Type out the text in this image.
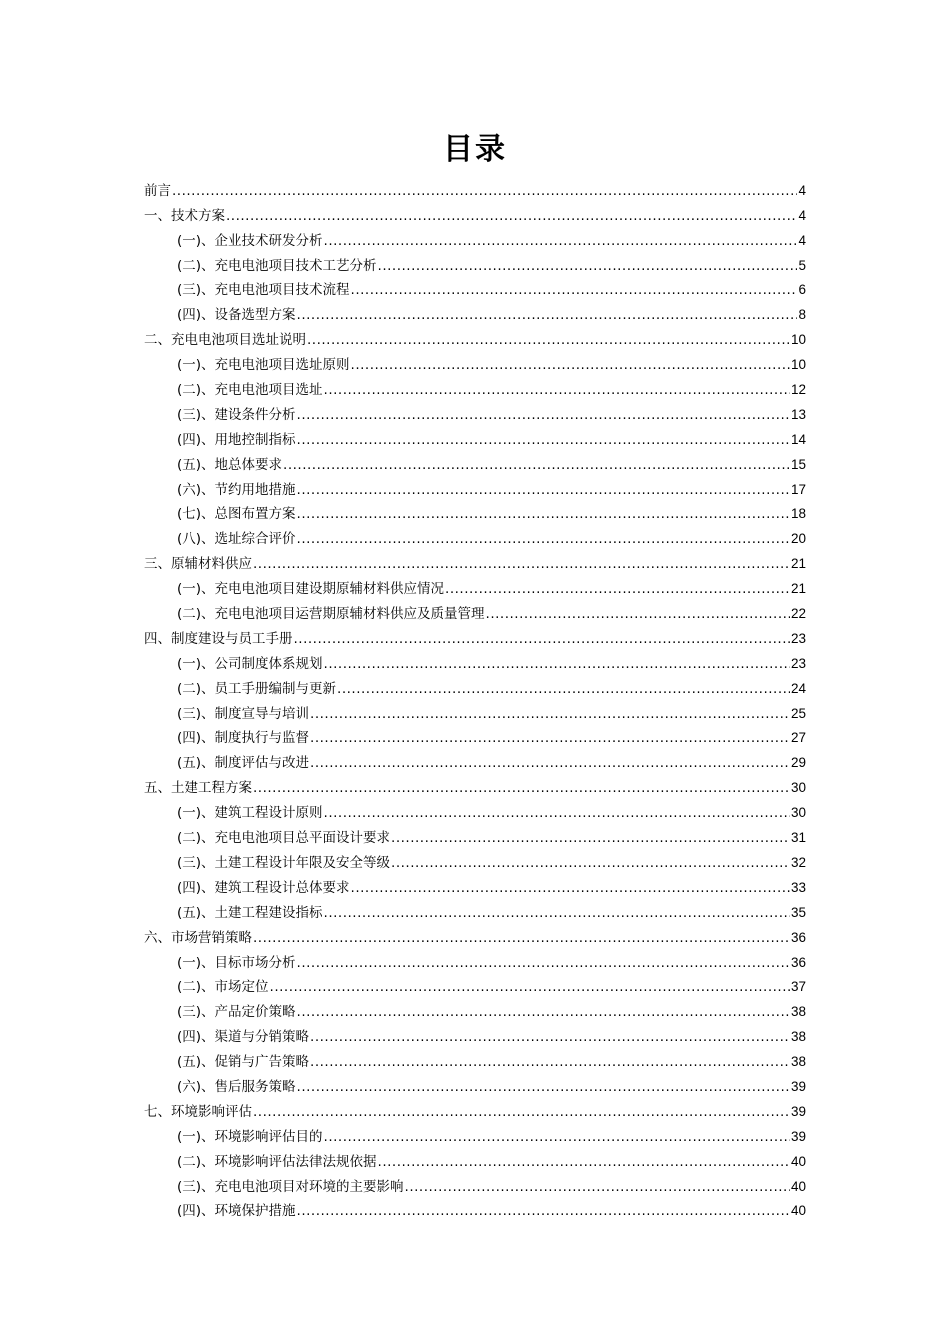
目录
前言 .....	4
一、技术方案 .....	4
(一)、企业技术研发分析 .....	4
(二)、充电电池项目技术工艺分析 .....	5
(三)、充电电池项目技术流程 .....	6
(四)、设备选型方案 .....	8
二、充电电池项目选址说明 .....	10
(一)、充电电池项目选址原则 .....	10
(二)、充电电池项目选址 .....	12
(三)、建设条件分析 .....	13
(四)、用地控制指标 .....	14
(五)、地总体要求 .....	15
(六)、节约用地措施 .....	17
(七)、总图布置方案 .....	18
(八)、选址综合评价 .....	20
三、原辅材料供应 .....	21
(一)、充电电池项目建设期原辅材料供应情况 .....	21
(二)、充电电池项目运营期原辅材料供应及质量管理 .....	22
四、制度建设与员工手册 .....	23
(一)、公司制度体系规划 .....	23
(二)、员工手册编制与更新 .....	24
(三)、制度宣导与培训 .....	25
(四)、制度执行与监督 .....	27
(五)、制度评估与改进 .....	29
五、土建工程方案 .....	30
(一)、建筑工程设计原则 .....	30
(二)、充电电池项目总平面设计要求 .....	31
(三)、土建工程设计年限及安全等级 .....	32
(四)、建筑工程设计总体要求 .....	33
(五)、土建工程建设指标 .....	35
六、市场营销策略 .....	36
(一)、目标市场分析 .....	36
(二)、市场定位 .....	37
(三)、产品定价策略 .....	38
(四)、渠道与分销策略 .....	38
(五)、促销与广告策略 .....	38
(六)、售后服务策略 .....	39
七、环境影响评估 .....	39
(一)、环境影响评估目的 .....	39
(二)、环境影响评估法律法规依据 .....	40
(三)、充电电池项目对环境的主要影响 .....	40
(四)、环境保护措施 .....	40
